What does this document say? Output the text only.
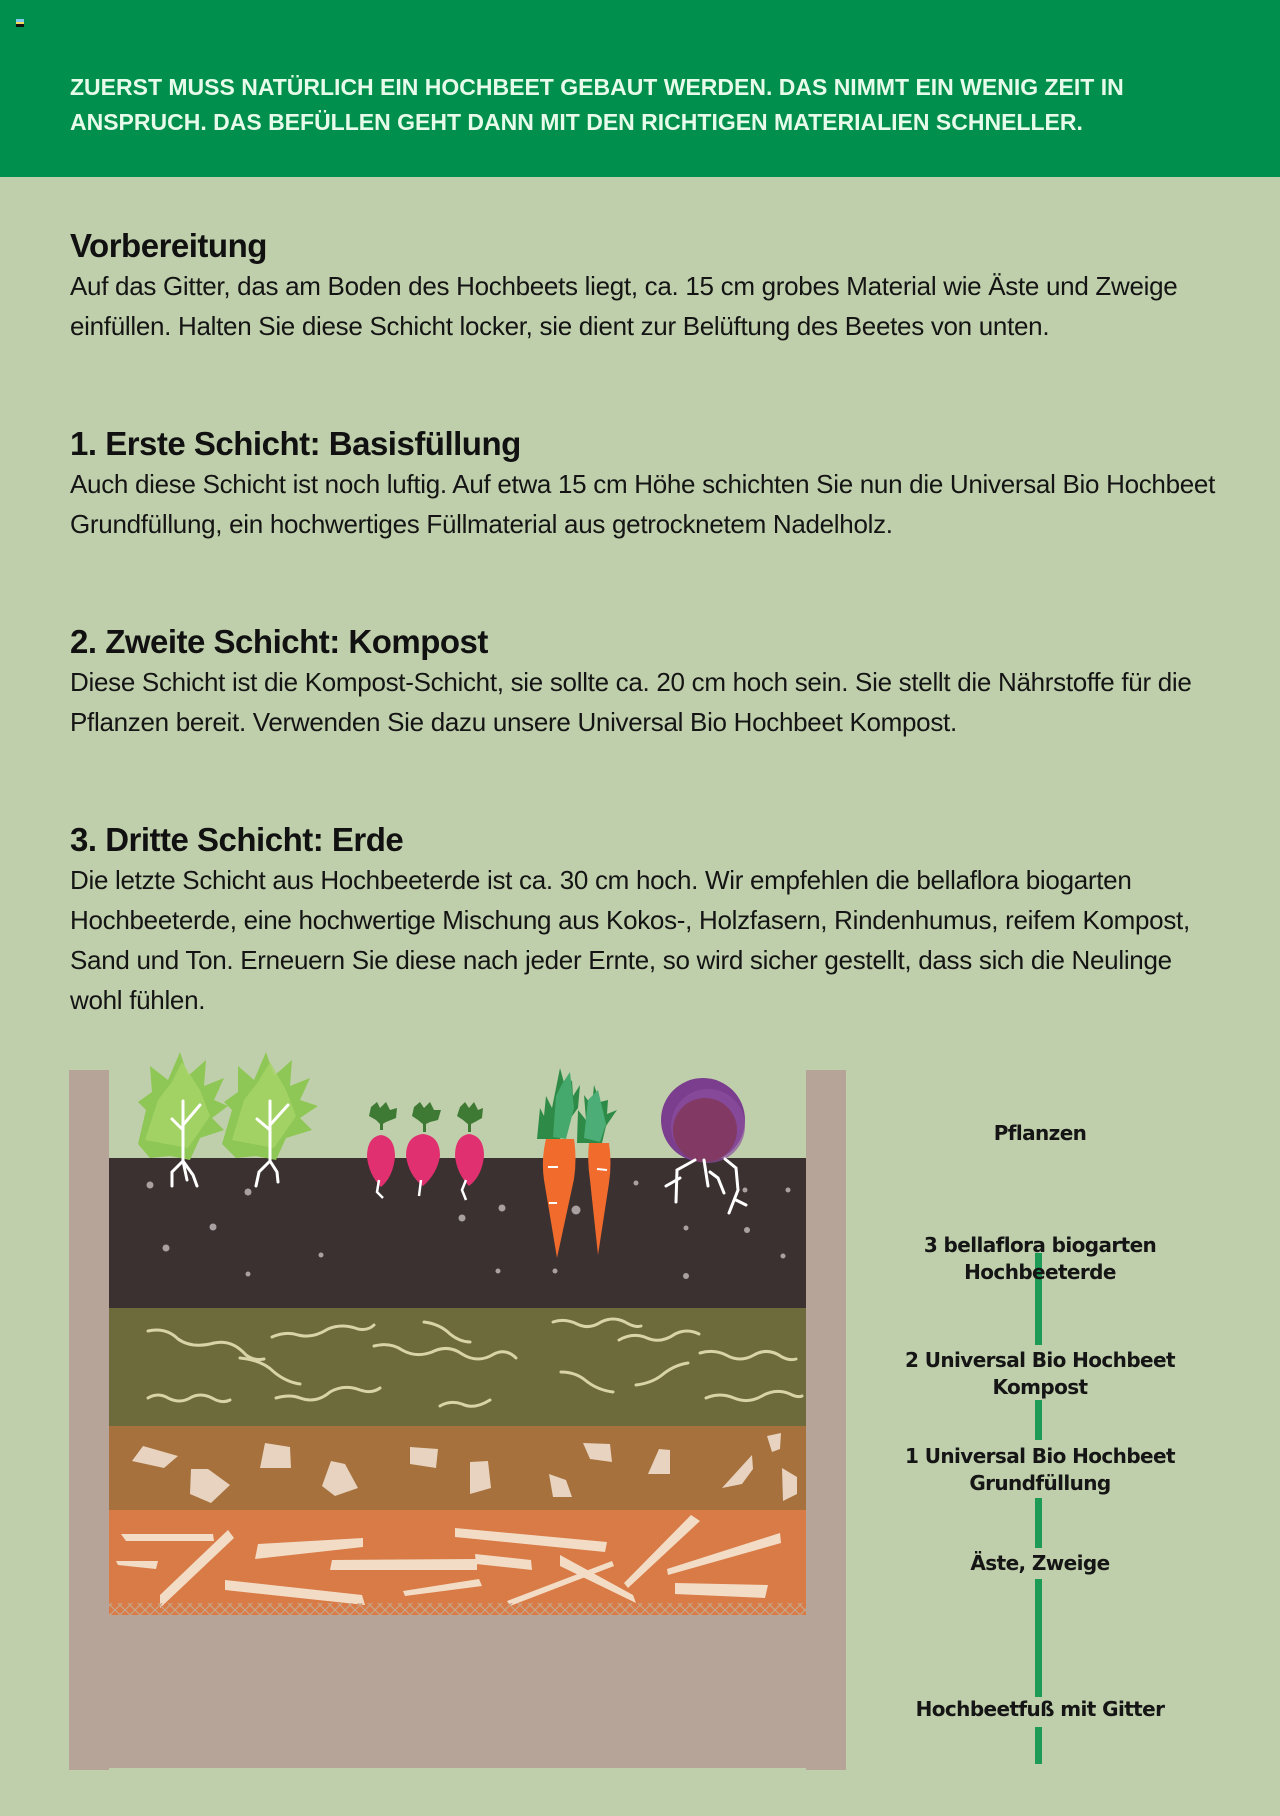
ZUERST MUSS NATÜRLICH EIN HOCHBEET GEBAUT WERDEN. DAS NIMMT EIN WENIG ZEIT IN ANSPRUCH. DAS BEFÜLLEN GEHT DANN MIT DEN RICHTIGEN MATERIALIEN SCHNELLER.
Vorbereitung

Auf das Gitter, das am Boden des Hochbeets liegt, ca. 15 cm grobes Material wie Äste und Zweige einfüllen. Halten Sie diese Schicht locker, sie dient zur Belüftung des Beetes von unten.

1. Erste Schicht: Basisfüllung

Auch diese Schicht ist noch luftig. Auf etwa 15 cm Höhe schichten Sie nun die Universal Bio Hochbeet Grundfüllung, ein hochwertiges Füllmaterial aus getrocknetem Nadelholz.

2. Zweite Schicht: Kompost

Diese Schicht ist die Kompost-Schicht, sie sollte ca. 20 cm hoch sein. Sie stellt die Nährstoffe für die Pflanzen bereit. Verwenden Sie dazu unsere Universal Bio Hochbeet Kompost.

3. Dritte Schicht: Erde

Die letzte Schicht aus Hochbeeterde ist ca. 30 cm hoch. Wir empfehlen die bellaflora biogarten Hochbeeterde, eine hochwertige Mischung aus Kokos-, Holzfasern, Rindenhumus, reifem Kompost, Sand und Ton. Erneuern Sie diese nach jeder Ernte, so wird sicher gestellt, dass sich die Neulinge wohl fühlen.

Pflanzen
3 bellaflora biogarten
Hochbeeterde
2 Universal Bio Hochbeet
Kompost
1 Universal Bio Hochbeet
Grundfüllung
Äste, Zweige
Hochbeetfuß mit Gitter
